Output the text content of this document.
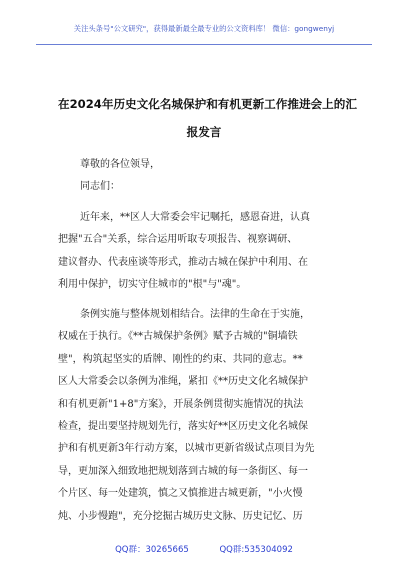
关注头条号"公文研究"，获得最新最全最专业的公文资料库！ 微信：gongwenyj
在2024年历史文化名城保护和有机更新工作推进会上的汇
报发言
尊敬的各位领导，
同志们：
近年来，**区人大常委会牢记嘱托，感恩奋进，认真
把握"五合"关系，综合运用听取专项报告、视察调研、
建议督办、代表座谈等形式，推动古城在保护中利用、在
利用中保护，切实守住城市的"根"与"魂"。
条例实施与整体规划相结合。法律的生命在于实施，
权威在于执行。《**古城保护条例》赋予古城的"铜墙铁
壁"，构筑起坚实的盾牌、刚性的约束、共同的意志。**
区人大常委会以条例为准绳，紧扣《**历史文化名城保护
和有机更新"1+8"方案》，开展条例贯彻实施情况的执法
检查，提出要坚持规划先行，落实好**区历史文化名城保
护和有机更新3年行动方案，以城市更新省级试点项目为先
导，更加深入细致地把规划落到古城的每一条街区、每一
个片区、每一处建筑，慎之又慎推进古城更新，"小火慢
炖、小步慢跑"，充分挖掘古城历史文脉、历史记忆、历
QQ群：30265665	QQ群:535304092
